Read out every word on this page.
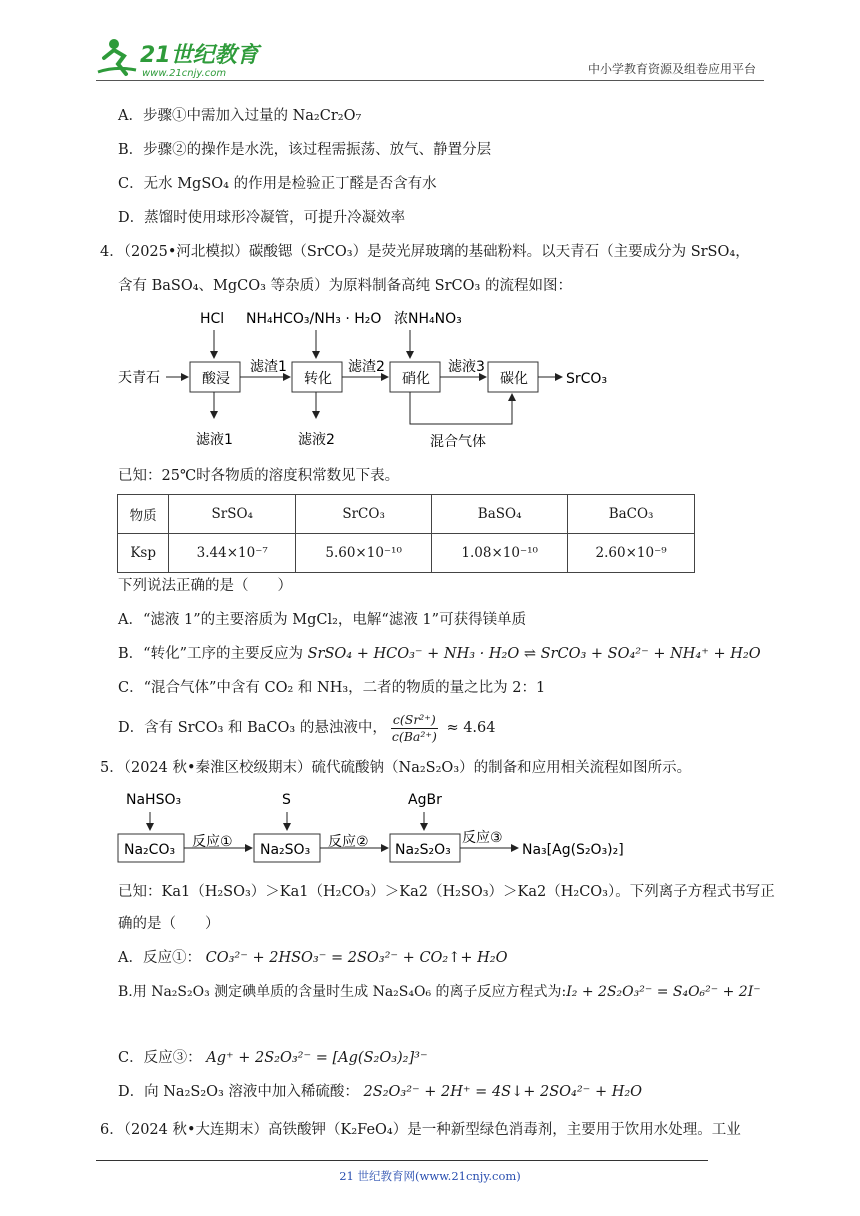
21世纪教育
www.21cnjy.com	中小学教育资源及组卷应用平台
A．步骤①中需加入过量的 Na₂Cr₂O₇
B．步骤②的操作是水洗，该过程需振荡、放气、静置分层
C．无水 MgSO₄ 的作用是检验正丁醛是否含有水
D．蒸馏时使用球形冷凝管，可提升冷凝效率
4．（2025•河北模拟）碳酸锶（SrCO₃）是荧光屏玻璃的基础粉料。以天青石（主要成分为 SrSO₄，
含有 BaSO₄、MgCO₃ 等杂质）为原料制备高纯 SrCO₃ 的流程如图：
HCl NH₄HCO₃/NH₃ · H₂O 浓NH₄NO₃
天青石	酸浸
滤渣1
转化
滤渣2
硝化
滤液3
碳化	SrCO₃
滤液1	滤液2	混合气体
已知：25℃时各物质的溶度积常数见下表。
物质	SrSO₄	SrCO₃	BaSO₄	BaCO₃
Ksp	3.44×10⁻⁷	5.60×10⁻¹⁰	1.08×10⁻¹⁰	2.60×10⁻⁹
下列说法正确的是（　　）
A．“滤液 1”的主要溶质为 MgCl₂，电解“滤液 1”可获得镁单质
B．“转化”工序的主要反应为 SrSO₄ + HCO₃⁻ + NH₃ · H₂O ⇌ SrCO₃ + SO₄²⁻ + NH₄⁺ + H₂O
C．“混合气体”中含有 CO₂ 和 NH₃，二者的物质的量之比为 2：1
D．含有 SrCO₃ 和 BaCO₃ 的悬浊液中， $\frac{\text{c(Sr²⁺)}}{\text{c(Ba²⁺)}} \approx 4.64$
5．（2024 秋•秦淮区校级期末）硫代硫酸钠（Na₂S₂O₃）的制备和应用相关流程如图所示。
NaHSO₃	S	AgBr
Na₂CO₃ 反应① Na₂SO₃ 反应② Na₂S₂O₃
反应③
Na₃[Ag(S₂O₃)₂]
已知：Ka1（H₂SO₃）＞Ka1（H₂CO₃）＞Ka2（H₂SO₃）＞Ka2（H₂CO₃）。下列离子方程式书写正
确的是（　　）
A．反应①： CO₃²⁻ + 2HSO₃⁻ = 2SO₃²⁻ + CO₂↑+ H₂O
B.用 Na₂S₂O₃ 测定碘单质的含量时生成 Na₂S₄O₆ 的离子反应方程式为:I₂ + 2S₂O₃²⁻ = S₄O₆²⁻ + 2I⁻
C．反应③： Ag⁺ + 2S₂O₃²⁻ = [Ag(S₂O₃)₂]³⁻
D．向 Na₂S₂O₃ 溶液中加入稀硫酸： 2S₂O₃²⁻ + 2H⁺ = 4S↓+ 2SO₄²⁻ + H₂O
6．（2024 秋•大连期末）高铁酸钾（K₂FeO₄）是一种新型绿色消毒剂，主要用于饮用水处理。工业
21 世纪教育网(www.21cnjy.com)
